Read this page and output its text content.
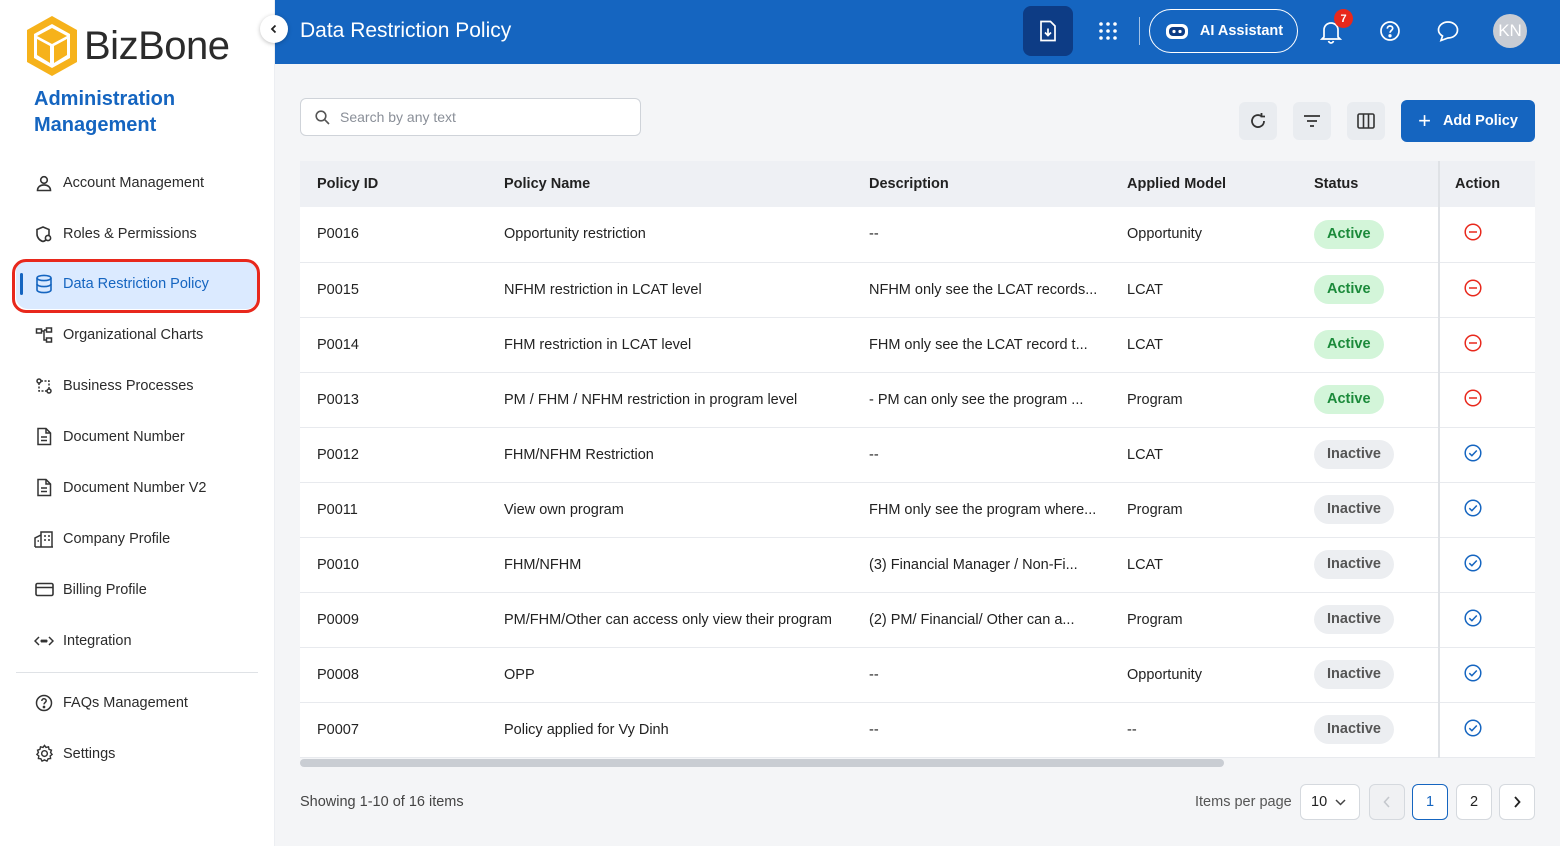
BizBone
Administration Management
Account Management
Roles & Permissions
Data Restriction Policy
Organizational Charts
Business Processes
Document Number
Document Number V2
Company Profile
Billing Profile
Integration
FAQs Management
Settings
Data Restriction Policy	AI Assistant
7
KN
Search by any text
+ Add Policy
Policy ID	Policy Name	Description	Applied Model	Status	Action
P0016	Opportunity restriction	--	Opportunity	Active	

P0015	NFHM restriction in LCAT level	NFHM only see the LCAT records...	LCAT	Active	

P0014	FHM restriction in LCAT level	FHM only see the LCAT record t...	LCAT	Active	

P0013	PM / FHM / NFHM restriction in program level	- PM can only see the program ...	Program	Active	

P0012	FHM/NFHM Restriction	--	LCAT	Inactive	

P0011	View own program	FHM only see the program where...	Program	Inactive	

P0010	FHM/NFHM	(3) Financial Manager / Non-Fi...	LCAT	Inactive	

P0009	PM/FHM/Other can access only view their program	(2) PM/ Financial/ Other can a...	Program	Inactive	

P0008	OPP	--	Opportunity	Inactive	

P0007	Policy applied for Vy Dinh	--	--	Inactive	
Showing 1-10 of 16 items	Items per page 10	1	2
